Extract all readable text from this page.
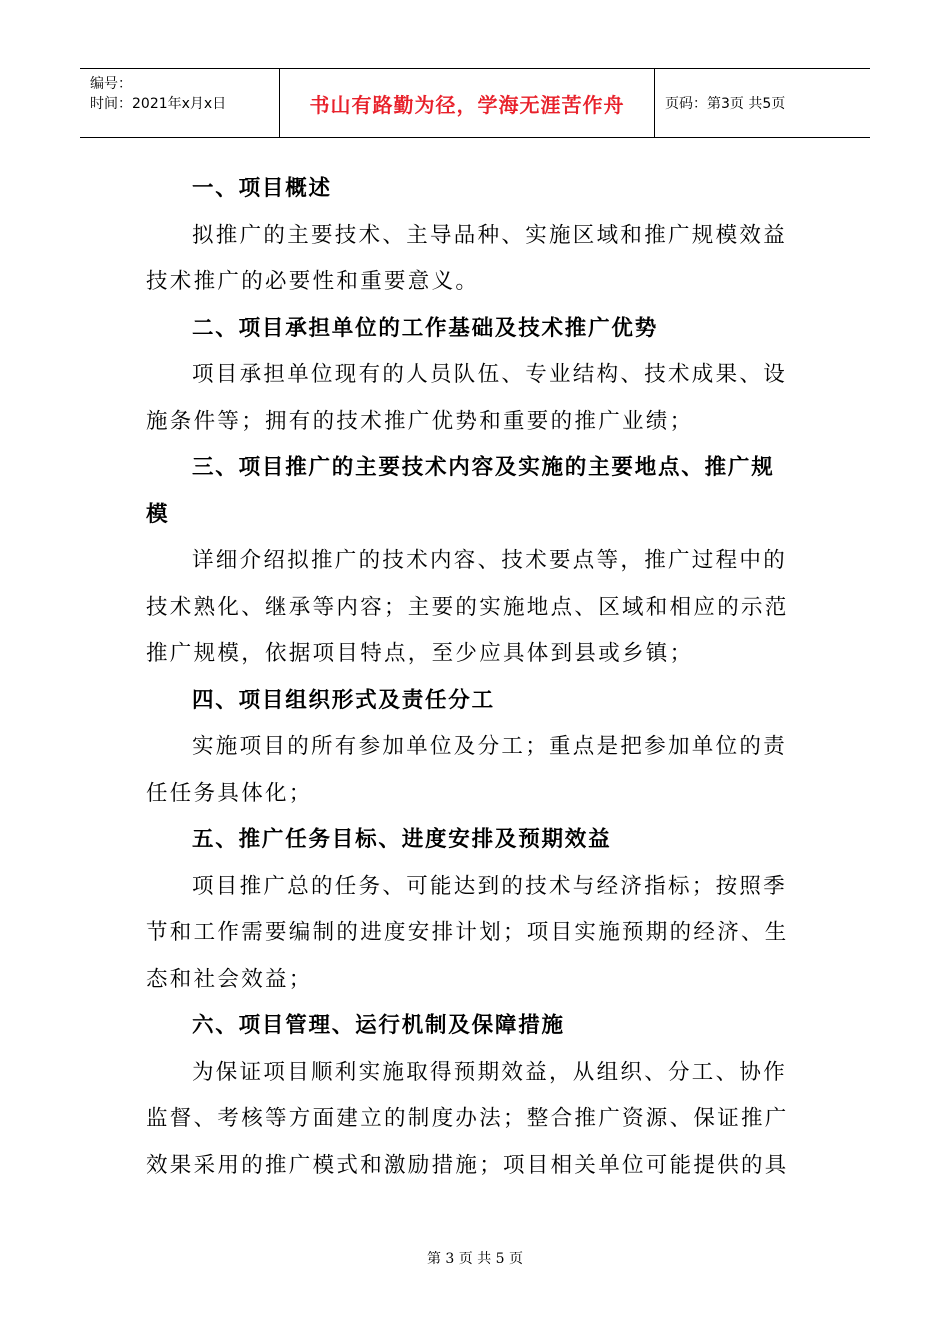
编号：
时间：2021年x月x日	书山有路勤为径，学海无涯苦作舟	页码：第3页 共5页
一、项目概述
拟推广的主要技术、主导品种、实施区域和推广规模效益
技术推广的必要性和重要意义。
二、项目承担单位的工作基础及技术推广优势
项目承担单位现有的人员队伍、专业结构、技术成果、设
施条件等；拥有的技术推广优势和重要的推广业绩；
三、项目推广的主要技术内容及实施的主要地点、推广规
模
详细介绍拟推广的技术内容、技术要点等，推广过程中的
技术熟化、继承等内容；主要的实施地点、区域和相应的示范
推广规模，依据项目特点，至少应具体到县或乡镇；
四、项目组织形式及责任分工
实施项目的所有参加单位及分工；重点是把参加单位的责
任任务具体化；
五、推广任务目标、进度安排及预期效益
项目推广总的任务、可能达到的技术与经济指标；按照季
节和工作需要编制的进度安排计划；项目实施预期的经济、生
态和社会效益；
六、项目管理、运行机制及保障措施
为保证项目顺利实施取得预期效益，从组织、分工、协作
监督、考核等方面建立的制度办法；整合推广资源、保证推广
效果采用的推广模式和激励措施；项目相关单位可能提供的具
第 3 页 共 5 页
